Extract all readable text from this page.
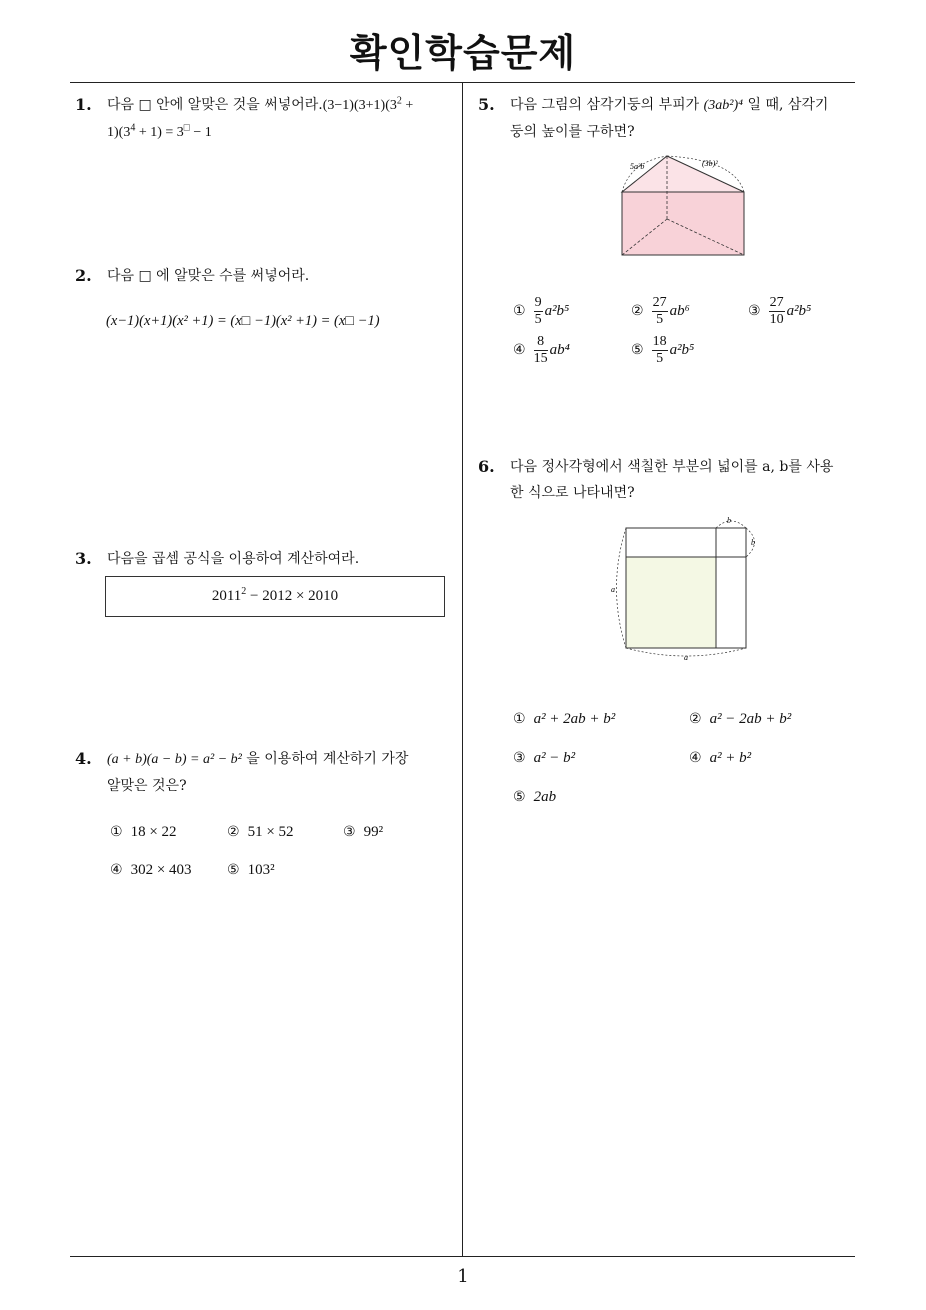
확인학습문제
1
1. 다음 □ 안에 알맞은 것을 써넣어라$.(3-1)(3+1)(3^2$ +
$1)(3^4 + 1) = 3^□ - 1$
2. 다음 □ 에 알맞은 수를 써넣어라.
(x−1)(x+1)(x² +1) = (x□ −1)(x² +1) = (x□ −1)
3. 다음을 곱셈 공식을 이용하여 계산하여라.
$2011^2 - 2012 \times 2010$
4. (a + b)(a − b) = a² − b² 을 이용하여 계산하기 가장
알맞은 것은?
① 18 × 22	② 51 × 52	③ 99²
④ 302 × 403	⑤ 103²
5. 다음 그림의 삼각기둥의 부피가 (3ab²)⁴ 일 때, 삼각기
둥의 높이를 구하면?
5a²b	(3b)²
① $\frac{9}{5} a^2b^5$	② $\frac{27}{5} ab^6$	③ $\frac{27}{10} a^2b^5$
④ $\frac{8}{15} ab^4$	⑤ $\frac{18}{5} a^2b^5$
6. 다음 정사각형에서 색칠한 부분의 넓이를 a, b를 사용
한 식으로 나타내면?
b
b
a
a
① a² + 2ab + b²	② a² − 2ab + b²
③ a² − b²	④ a² + b²
⑤ 2ab
